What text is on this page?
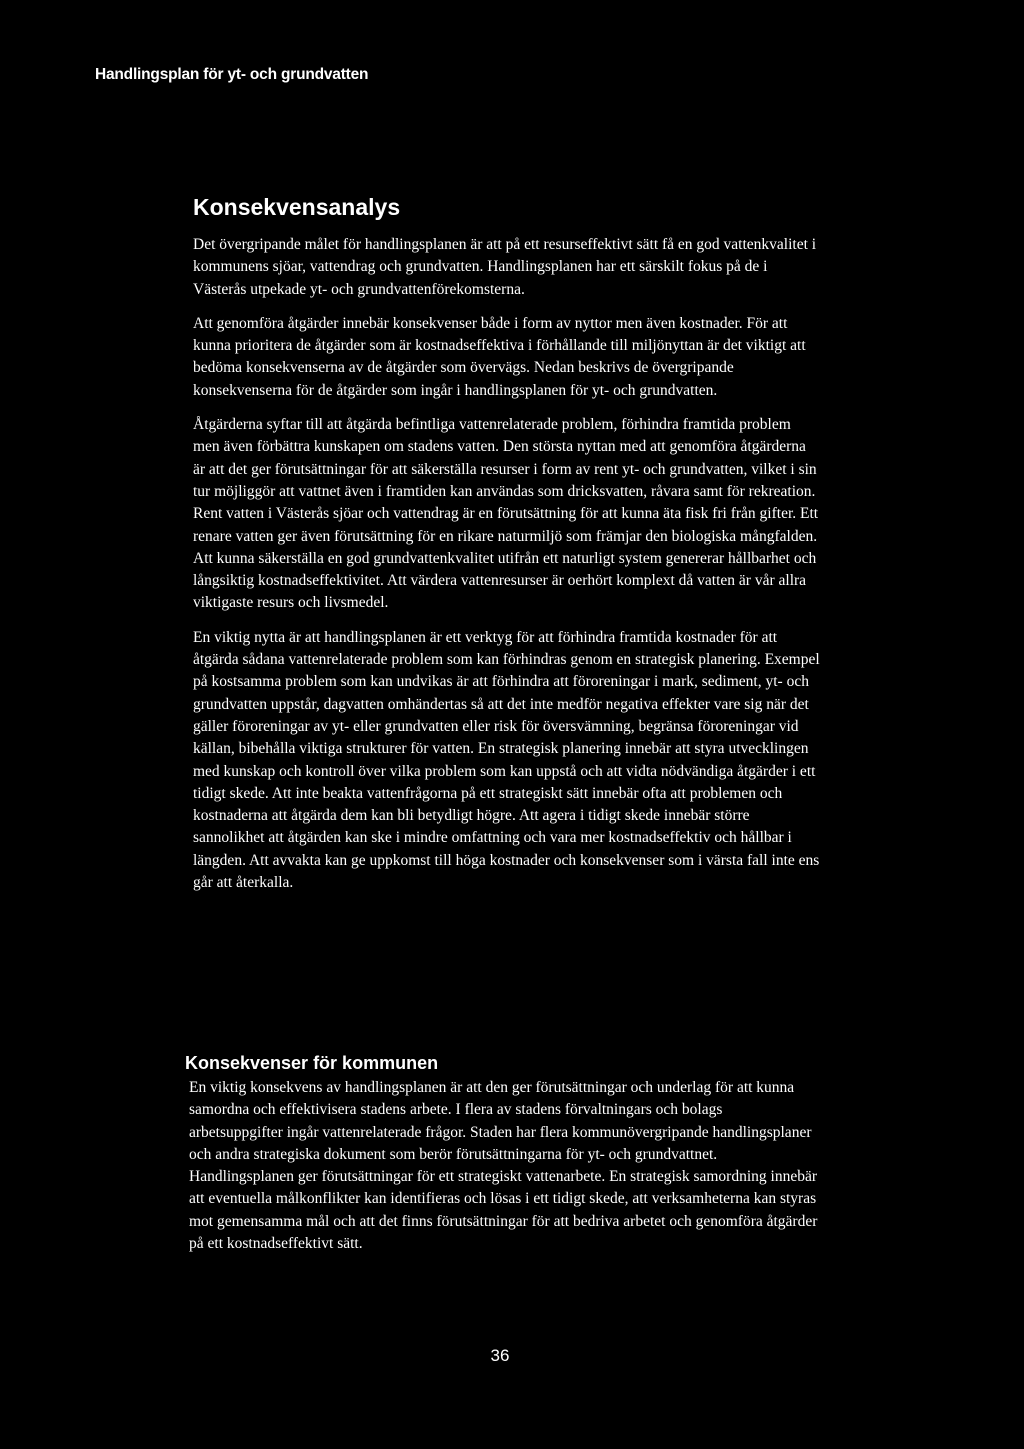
Handlingsplan för yt- och grundvatten
Konsekvensanalys

Det övergripande målet för handlingsplanen är att på ett resurseffektivt sätt få en god vattenkvalitet i kommunens sjöar, vattendrag och grundvatten. Handlingsplanen har ett särskilt fokus på de i Västerås utpekade yt- och grundvattenförekomsterna.

Att genomföra åtgärder innebär konsekvenser både i form av nyttor men även kostnader. För att kunna prioritera de åtgärder som är kostnadseffektiva i förhållande till miljönyttan är det viktigt att bedöma konsekvenserna av de åtgärder som övervägs. Nedan beskrivs de övergripande konsekvenserna för de åtgärder som ingår i handlingsplanen för yt- och grundvatten.

Åtgärderna syftar till att åtgärda befintliga vattenrelaterade problem, förhindra framtida problem men även förbättra kunskapen om stadens vatten. Den största nyttan med att genomföra åtgärderna är att det ger förutsättningar för att säkerställa resurser i form av rent yt- och grundvatten, vilket i sin tur möjliggör att vattnet även i framtiden kan användas som dricksvatten, råvara samt för rekreation. Rent vatten i Västerås sjöar och vattendrag är en förutsättning för att kunna äta fisk fri från gifter. Ett renare vatten ger även förutsättning för en rikare naturmiljö som främjar den biologiska mångfalden. Att kunna säkerställa en god grundvattenkvalitet utifrån ett naturligt system genererar hållbarhet och långsiktig kostnadseffektivitet. Att värdera vattenresurser är oerhört komplext då vatten är vår allra viktigaste resurs och livsmedel.

En viktig nytta är att handlingsplanen är ett verktyg för att förhindra framtida kostnader för att åtgärda sådana vattenrelaterade problem som kan förhindras genom en strategisk planering. Exempel på kostsamma problem som kan undvikas är att förhindra att föroreningar i mark, sediment, yt- och grundvatten uppstår, dagvatten omhändertas så att det inte medför negativa effekter vare sig när det gäller föroreningar av yt- eller grundvatten eller risk för översvämning, begränsa föroreningar vid källan, bibehålla viktiga strukturer för vatten. En strategisk planering innebär att styra utvecklingen med kunskap och kontroll över vilka problem som kan uppstå och att vidta nödvändiga åtgärder i ett tidigt skede. Att inte beakta vattenfrågorna på ett strategiskt sätt innebär ofta att problemen och kostnaderna att åtgärda dem kan bli betydligt högre. Att agera i tidigt skede innebär större sannolikhet att åtgärden kan ske i mindre omfattning och vara mer kostnadseffektiv och hållbar i längden. Att avvakta kan ge uppkomst till höga kostnader och konsekvenser som i värsta fall inte ens går att återkalla.

Konsekvenser för kommunen

En viktig konsekvens av handlingsplanen är att den ger förutsättningar och underlag för att kunna samordna och effektivisera stadens arbete. I flera av stadens förvaltningars och bolags arbetsuppgifter ingår vattenrelaterade frågor. Staden har flera kommunövergripande handlingsplaner och andra strategiska dokument som berör förutsättningarna för yt- och grundvattnet. Handlingsplanen ger förutsättningar för ett strategiskt vattenarbete. En strategisk samordning innebär att eventuella målkonflikter kan identifieras och lösas i ett tidigt skede, att verksamheterna kan styras mot gemensamma mål och att det finns förutsättningar för att bedriva arbetet och genomföra åtgärder på ett kostnadseffektivt sätt.

36
